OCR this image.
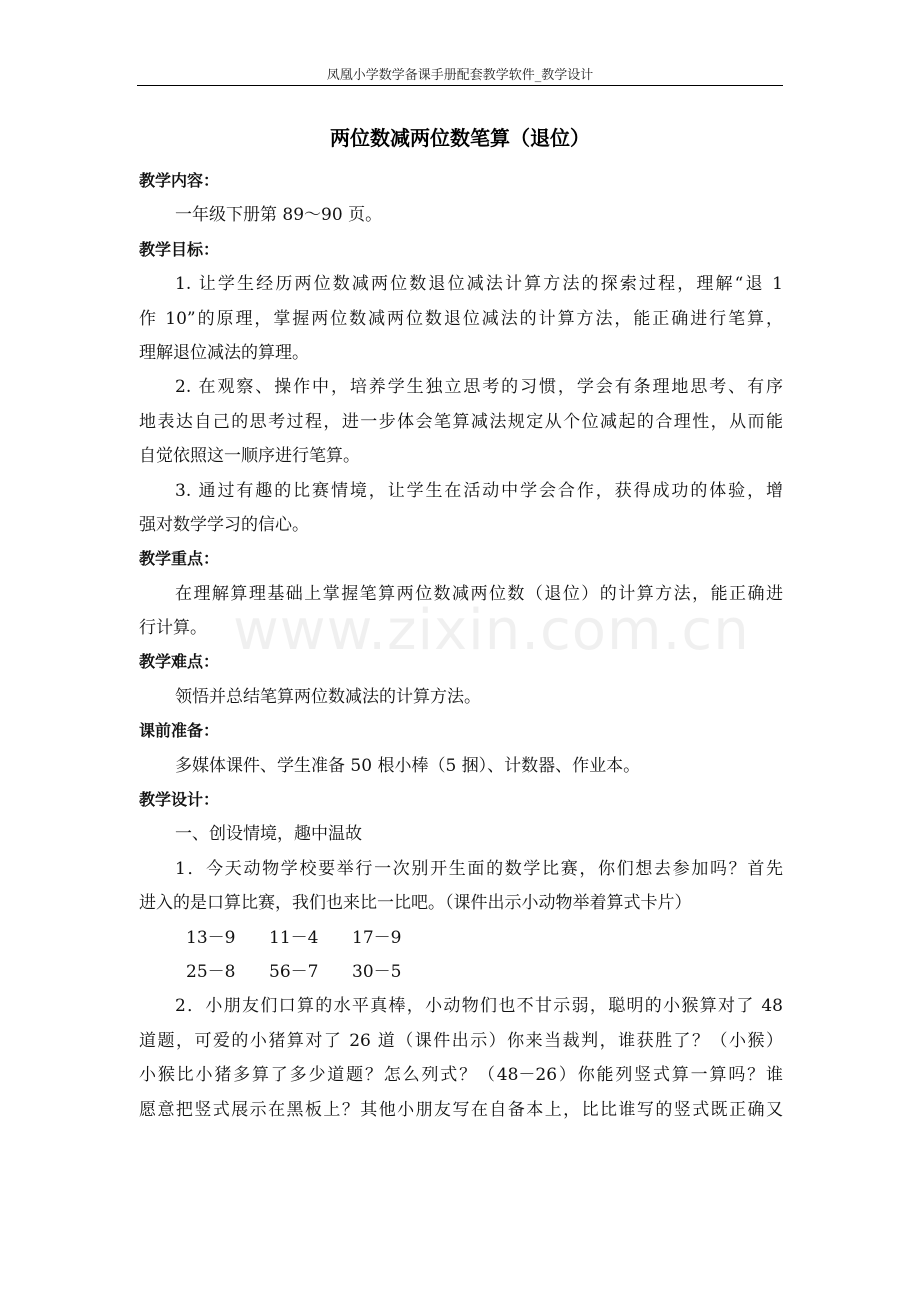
凤凰小学数学备课手册配套教学软件_教学设计
两位数减两位数笔算（退位）
www.zixin.com.cn
教学内容：
一年级下册第 89～90 页。
教学目标：
1. 让学生经历两位数减两位数退位减法计算方法的探索过程，理解“退 1
作 10”的原理，掌握两位数减两位数退位减法的计算方法，能正确进行笔算，
理解退位减法的算理。
2. 在观察、操作中，培养学生独立思考的习惯，学会有条理地思考、有序
地表达自己的思考过程，进一步体会笔算减法规定从个位减起的合理性，从而能
自觉依照这一顺序进行笔算。
3. 通过有趣的比赛情境，让学生在活动中学会合作，获得成功的体验，增
强对数学学习的信心。
教学重点：
在理解算理基础上掌握笔算两位数减两位数（退位）的计算方法，能正确进
行计算。
教学难点：
领悟并总结笔算两位数减法的计算方法。
课前准备：
多媒体课件、学生准备 50 根小棒（5 捆）、计数器、作业本。
教学设计：
一、创设情境，趣中温故
1．今天动物学校要举行一次别开生面的数学比赛，你们想去参加吗？首先
进入的是口算比赛，我们也来比一比吧。（课件出示小动物举着算式卡片）
13－9 11－4 17－9
25－8 56－7 30－5
2．小朋友们口算的水平真棒，小动物们也不甘示弱，聪明的小猴算对了 48
道题，可爱的小猪算对了 26 道（课件出示）你来当裁判，谁获胜了？（小猴）
小猴比小猪多算了多少道题？怎么列式？（48－26）你能列竖式算一算吗？谁
愿意把竖式展示在黑板上？其他小朋友写在自备本上，比比谁写的竖式既正确又
